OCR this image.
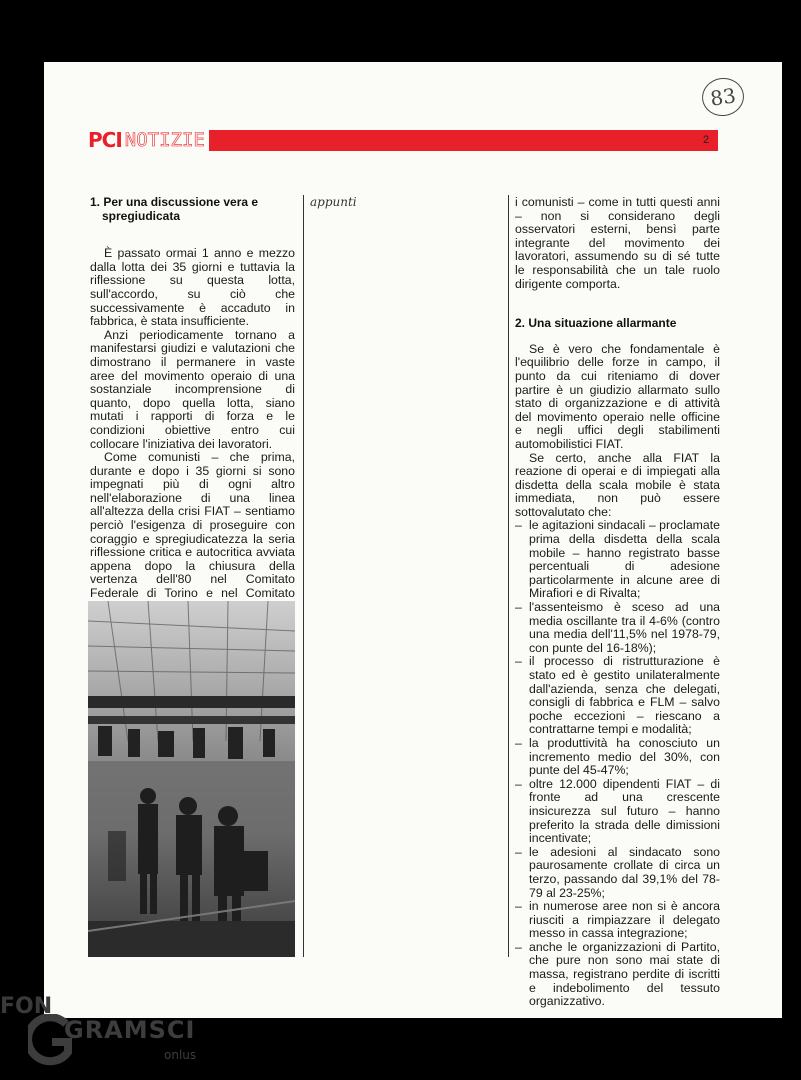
83
PCI NOTIZIE	2
appunti
1. Per una discussione vera e spregiudicata

È passato ormai 1 anno e mezzo dalla lotta dei 35 giorni e tuttavia la riflessione su questa lotta, sull'accordo, su ciò che successivamente è accaduto in fabbrica, è stata insufficiente.

Anzi periodicamente tornano a manifestarsi giudizi e valutazioni che dimostrano il permanere in vaste aree del movimento operaio di una sostanziale incomprensione di quanto, dopo quella lotta, siano mutati i rapporti di forza e le condizioni obiettive entro cui collocare l'iniziativa dei lavoratori.

Come comunisti – che prima, durante e dopo i 35 giorni si sono impegnati più di ogni altro nell'elaborazione di una linea all'altezza della crisi FIAT – sentiamo perciò l'esigenza di proseguire con coraggio e spregiudicatezza la seria riflessione critica e autocritica avviata appena dopo la chiusura della vertenza dell'80 nel Comitato Federale di Torino e nel Comitato

i comunisti – come in tutti questi anni – non si considerano degli osservatori esterni, bensì parte integrante del movimento dei lavoratori, assumendo su di sé tutte le responsabilità che un tale ruolo dirigente comporta.

2. Una situazione allarmante

Se è vero che fondamentale è l'equilibrio delle forze in campo, il punto da cui riteniamo di dover partire è un giudizio allarmato sullo stato di organizzazione e di attività del movimento operaio nelle officine e negli uffici degli stabilimenti automobilistici FIAT.

Se certo, anche alla FIAT la reazione di operai e di impiegati alla disdetta della scala mobile è stata immediata, non può essere sottovalutato che:

– le agitazioni sindacali – proclamate prima della disdetta della scala mobile – hanno registrato basse percentuali di adesione particolarmente in alcune aree di Mirafiori e di Rivalta;
– l'assenteismo è sceso ad una media oscillante tra il 4-6% (contro una media dell'11,5% nel 1978-79, con punte del 16-18%);
– il processo di ristrutturazione è stato ed è gestito unilateralmente dall'azienda, senza che delegati, consigli di fabbrica e FLM – salvo poche eccezioni – riescano a contrattarne tempi e modalità;
– la produttività ha conosciuto un incremento medio del 30%, con punte del 45-47%;
– oltre 12.000 dipendenti FIAT – di fronte ad una crescente insicurezza sul futuro – hanno preferito la strada delle dimissioni incentivate;
– le adesioni al sindacato sono paurosamente crollate di circa un terzo, passando dal 39,1% del 78-79 al 23-25%;
– in numerose aree non si è ancora riusciti a rimpiazzare il delegato messo in cassa integrazione;
– anche le organizzazioni di Partito, che pure non sono mai state di massa, registrano perdite di iscritti e indebolimento del tessuto organizzativo.
FON
GRAMSCI
onlus
